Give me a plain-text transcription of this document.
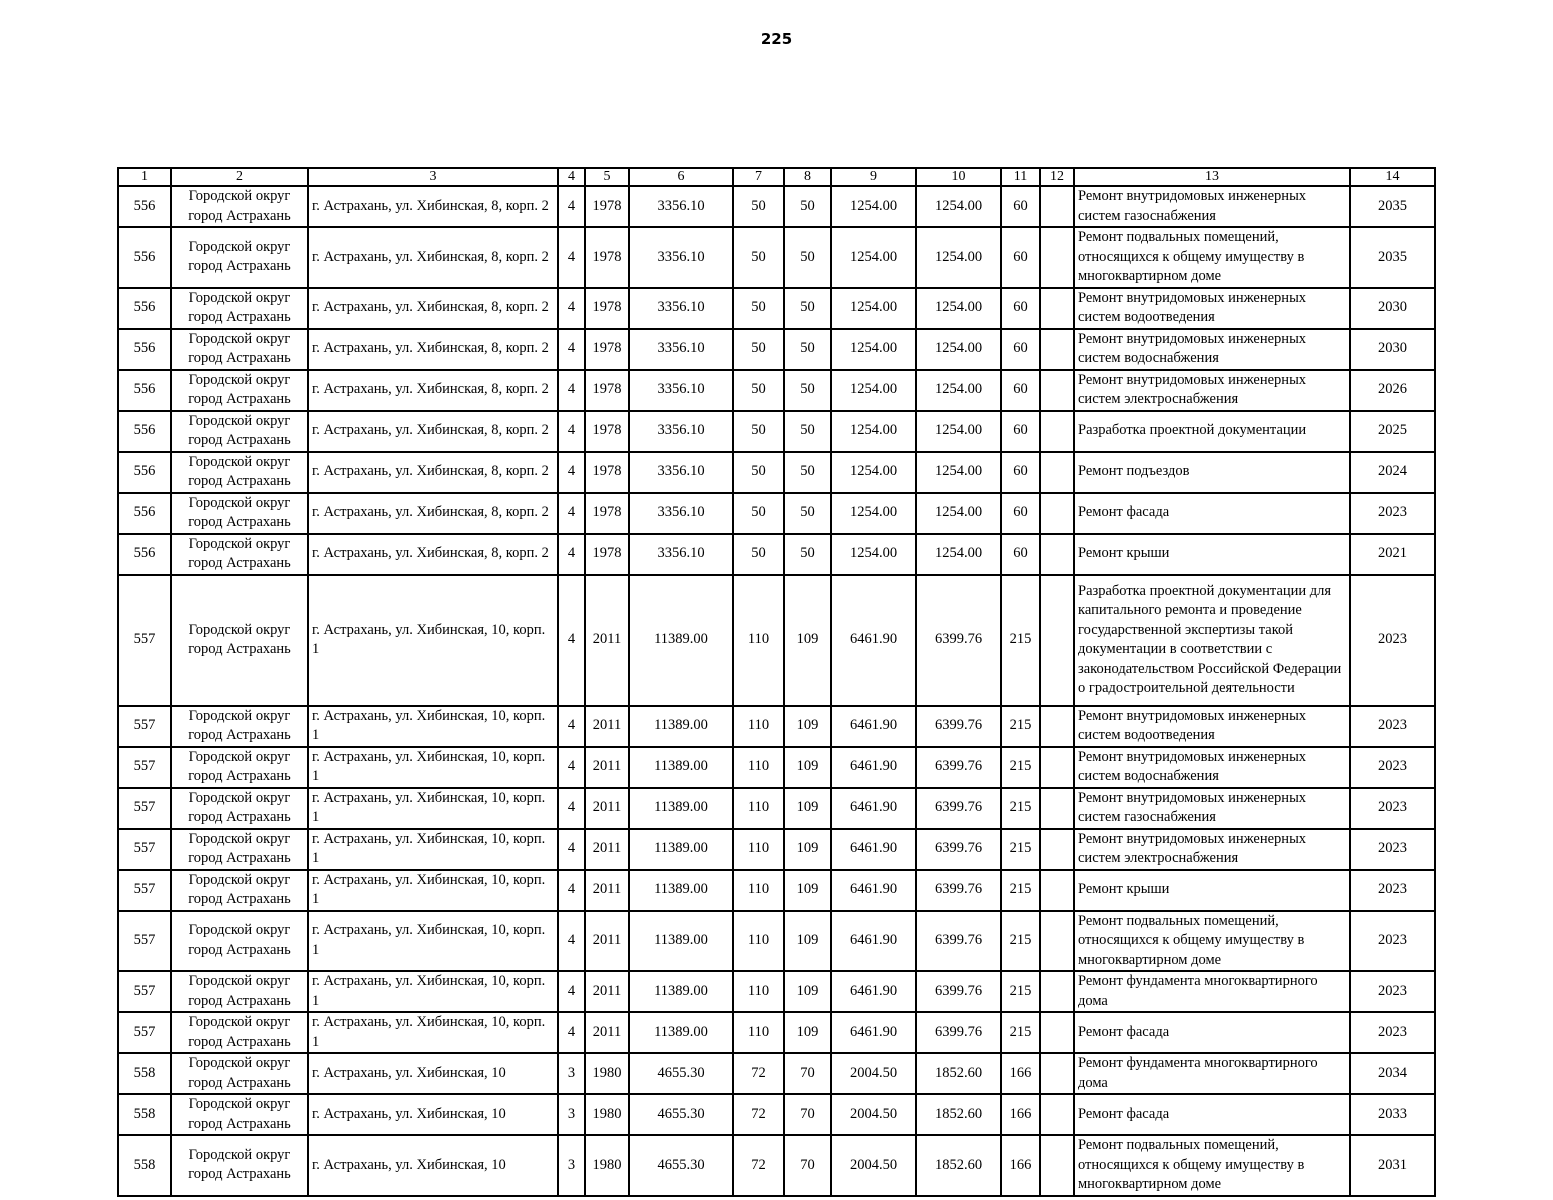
225
1	2	3	4	5	6	7	8	9	10	11	12	13	14
556	Городской округ город Астрахань	г. Астрахань, ул. Хибинская, 8, корп. 2	4	1978	3356.10	50	50	1254.00	1254.00	60		Ремонт внутридомовых инженерных систем газоснабжения	2035
556	Городской округ город Астрахань	г. Астрахань, ул. Хибинская, 8, корп. 2	4	1978	3356.10	50	50	1254.00	1254.00	60		Ремонт подвальных помещений, относящихся к общему имуществу в многоквартирном доме	2035
556	Городской округ город Астрахань	г. Астрахань, ул. Хибинская, 8, корп. 2	4	1978	3356.10	50	50	1254.00	1254.00	60		Ремонт внутридомовых инженерных систем водоотведения	2030
556	Городской округ город Астрахань	г. Астрахань, ул. Хибинская, 8, корп. 2	4	1978	3356.10	50	50	1254.00	1254.00	60		Ремонт внутридомовых инженерных систем водоснабжения	2030
556	Городской округ город Астрахань	г. Астрахань, ул. Хибинская, 8, корп. 2	4	1978	3356.10	50	50	1254.00	1254.00	60		Ремонт внутридомовых инженерных систем электроснабжения	2026
556	Городской округ город Астрахань	г. Астрахань, ул. Хибинская, 8, корп. 2	4	1978	3356.10	50	50	1254.00	1254.00	60		Разработка проектной документации	2025
556	Городской округ город Астрахань	г. Астрахань, ул. Хибинская, 8, корп. 2	4	1978	3356.10	50	50	1254.00	1254.00	60		Ремонт подъездов	2024
556	Городской округ город Астрахань	г. Астрахань, ул. Хибинская, 8, корп. 2	4	1978	3356.10	50	50	1254.00	1254.00	60		Ремонт фасада	2023
556	Городской округ город Астрахань	г. Астрахань, ул. Хибинская, 8, корп. 2	4	1978	3356.10	50	50	1254.00	1254.00	60		Ремонт крыши	2021
557	Городской округ город Астрахань	г. Астрахань, ул. Хибинская, 10, корп. 1	4	2011	11389.00	110	109	6461.90	6399.76	215		Разработка проектной документации для капитального ремонта и проведение государственной экспертизы такой документации в соответствии с законодательством Российской Федерации о градостроительной деятельности	2023
557	Городской округ город Астрахань	г. Астрахань, ул. Хибинская, 10, корп. 1	4	2011	11389.00	110	109	6461.90	6399.76	215		Ремонт внутридомовых инженерных систем водоотведения	2023
557	Городской округ город Астрахань	г. Астрахань, ул. Хибинская, 10, корп. 1	4	2011	11389.00	110	109	6461.90	6399.76	215		Ремонт внутридомовых инженерных систем водоснабжения	2023
557	Городской округ город Астрахань	г. Астрахань, ул. Хибинская, 10, корп. 1	4	2011	11389.00	110	109	6461.90	6399.76	215		Ремонт внутридомовых инженерных систем газоснабжения	2023
557	Городской округ город Астрахань	г. Астрахань, ул. Хибинская, 10, корп. 1	4	2011	11389.00	110	109	6461.90	6399.76	215		Ремонт внутридомовых инженерных систем электроснабжения	2023
557	Городской округ город Астрахань	г. Астрахань, ул. Хибинская, 10, корп. 1	4	2011	11389.00	110	109	6461.90	6399.76	215		Ремонт крыши	2023
557	Городской округ город Астрахань	г. Астрахань, ул. Хибинская, 10, корп. 1	4	2011	11389.00	110	109	6461.90	6399.76	215		Ремонт подвальных помещений, относящихся к общему имуществу в многоквартирном доме	2023
557	Городской округ город Астрахань	г. Астрахань, ул. Хибинская, 10, корп. 1	4	2011	11389.00	110	109	6461.90	6399.76	215		Ремонт фундамента многоквартирного дома	2023
557	Городской округ город Астрахань	г. Астрахань, ул. Хибинская, 10, корп. 1	4	2011	11389.00	110	109	6461.90	6399.76	215		Ремонт фасада	2023
558	Городской округ город Астрахань	г. Астрахань, ул. Хибинская, 10	3	1980	4655.30	72	70	2004.50	1852.60	166		Ремонт фундамента многоквартирного дома	2034
558	Городской округ город Астрахань	г. Астрахань, ул. Хибинская, 10	3	1980	4655.30	72	70	2004.50	1852.60	166		Ремонт фасада	2033
558	Городской округ город Астрахань	г. Астрахань, ул. Хибинская, 10	3	1980	4655.30	72	70	2004.50	1852.60	166		Ремонт подвальных помещений, относящихся к общему имуществу в многоквартирном доме	2031
